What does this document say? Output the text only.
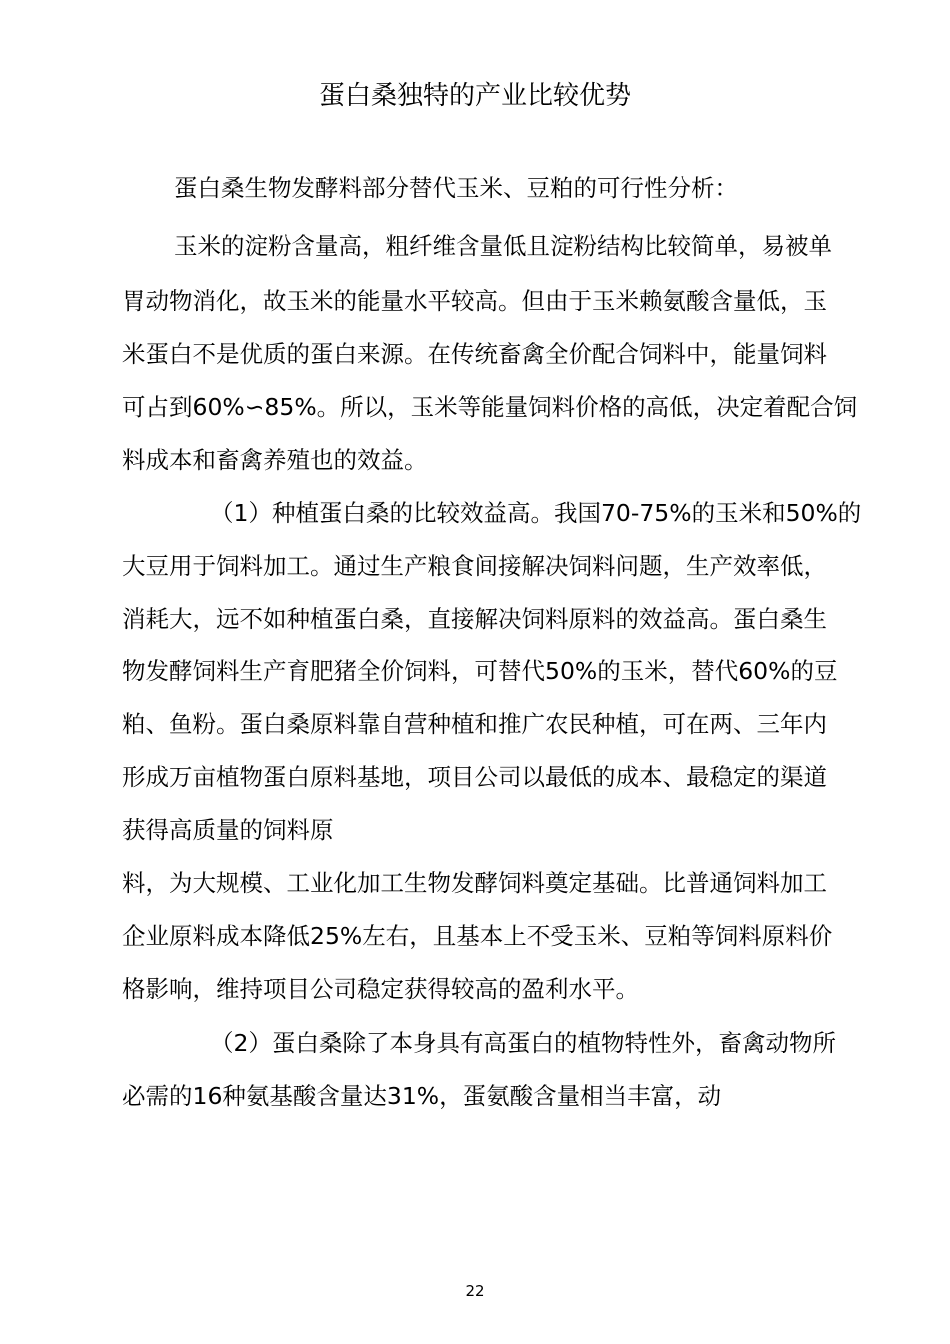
蛋白桑独特的产业比较优势
蛋白桑生物发酵料部分替代玉米、豆粕的可行性分析：
玉米的淀粉含量高，粗纤维含量低且淀粉结构比较简单，易被单
胃动物消化，故玉米的能量水平较高。但由于玉米赖氨酸含量低，玉
米蛋白不是优质的蛋白来源。在传统畜禽全价配合饲料中，能量饲料
可占到60%∽85%。所以，玉米等能量饲料价格的高低，决定着配合饲
料成本和畜禽养殖也的效益。
（1）种植蛋白桑的比较效益高。我国70-75%的玉米和50%的
大豆用于饲料加工。通过生产粮食间接解决饲料问题，生产效率低，
消耗大，远不如种植蛋白桑，直接解决饲料原料的效益高。蛋白桑生
物发酵饲料生产育肥猪全价饲料，可替代50%的玉米，替代60%的豆
粕、鱼粉。蛋白桑原料靠自营种植和推广农民种植，可在两、三年内
形成万亩植物蛋白原料基地，项目公司以最低的成本、最稳定的渠道
获得高质量的饲料原
料，为大规模、工业化加工生物发酵饲料奠定基础。比普通饲料加工
企业原料成本降低25%左右，且基本上不受玉米、豆粕等饲料原料价
格影响，维持项目公司稳定获得较高的盈利水平。
（2）蛋白桑除了本身具有高蛋白的植物特性外，畜禽动物所
必需的16种氨基酸含量达31%，蛋氨酸含量相当丰富，动
22
